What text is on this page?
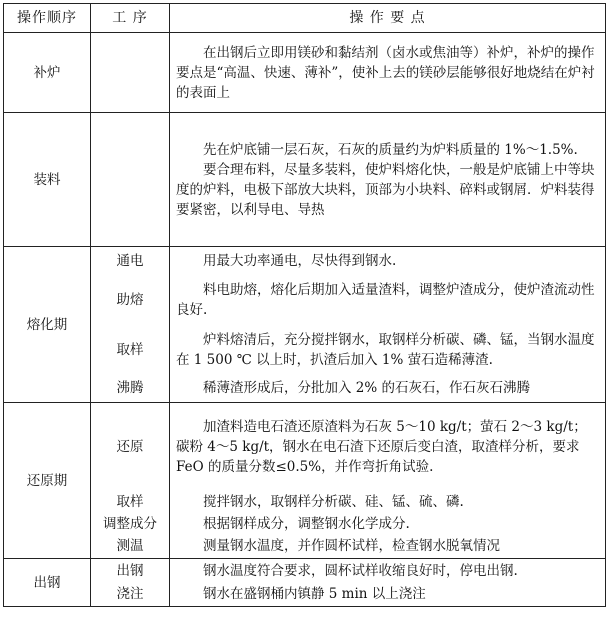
操作顺序	工 序	操 作 要 点
补炉		在出钢后立即用镁砂和黏结剂（卤水或焦油等）补炉，补炉的操作要点是“高温、快速、薄补”，使补上去的镁砂层能够很好地烧结在炉衬的表面上

装料		先在炉底铺一层石灰，石灰的质量约为炉料质量的 1%～1.5%.

要合理布料，尽量多装料，使炉料熔化快，一般是炉底铺上中等块度的炉料，电极下部放大块料，顶部为小块料、碎料或钢屑．炉料装得要紧密，以利导电、导热

熔化期	通电	用最大功率通电，尽快得到钢水.

	助熔	料电助熔，熔化后期加入适量渣料，调整炉渣成分，使炉渣流动性良好.

	取样	炉料熔清后，充分搅拌钢水，取钢样分析碳、磷、锰，当钢水温度在 1 500 ℃ 以上时，扒渣后加入 1% 萤石造稀薄渣.

	沸腾	稀薄渣形成后，分批加入 2% 的石灰石，作石灰石沸腾

还原期	还原	加渣料造电石渣还原渣料为石灰 5～10 kg/t；萤石 2～3 kg/t；碳粉 4～5 kg/t，钢水在电石渣下还原后变白渣，取渣样分析，要求 FeO 的质量分数≤0.5%，并作弯折角试验.

	取样	搅拌钢水，取钢样分析碳、硅、锰、硫、磷.

	调整成分	根据钢样成分，调整钢水化学成分.

	测温	测量钢水温度，并作圆杯试样，检查钢水脱氧情况

出钢	出钢	钢水温度符合要求，圆杯试样收缩良好时，停电出钢.

	浇注	钢水在盛钢桶内镇静 5 min 以上浇注
